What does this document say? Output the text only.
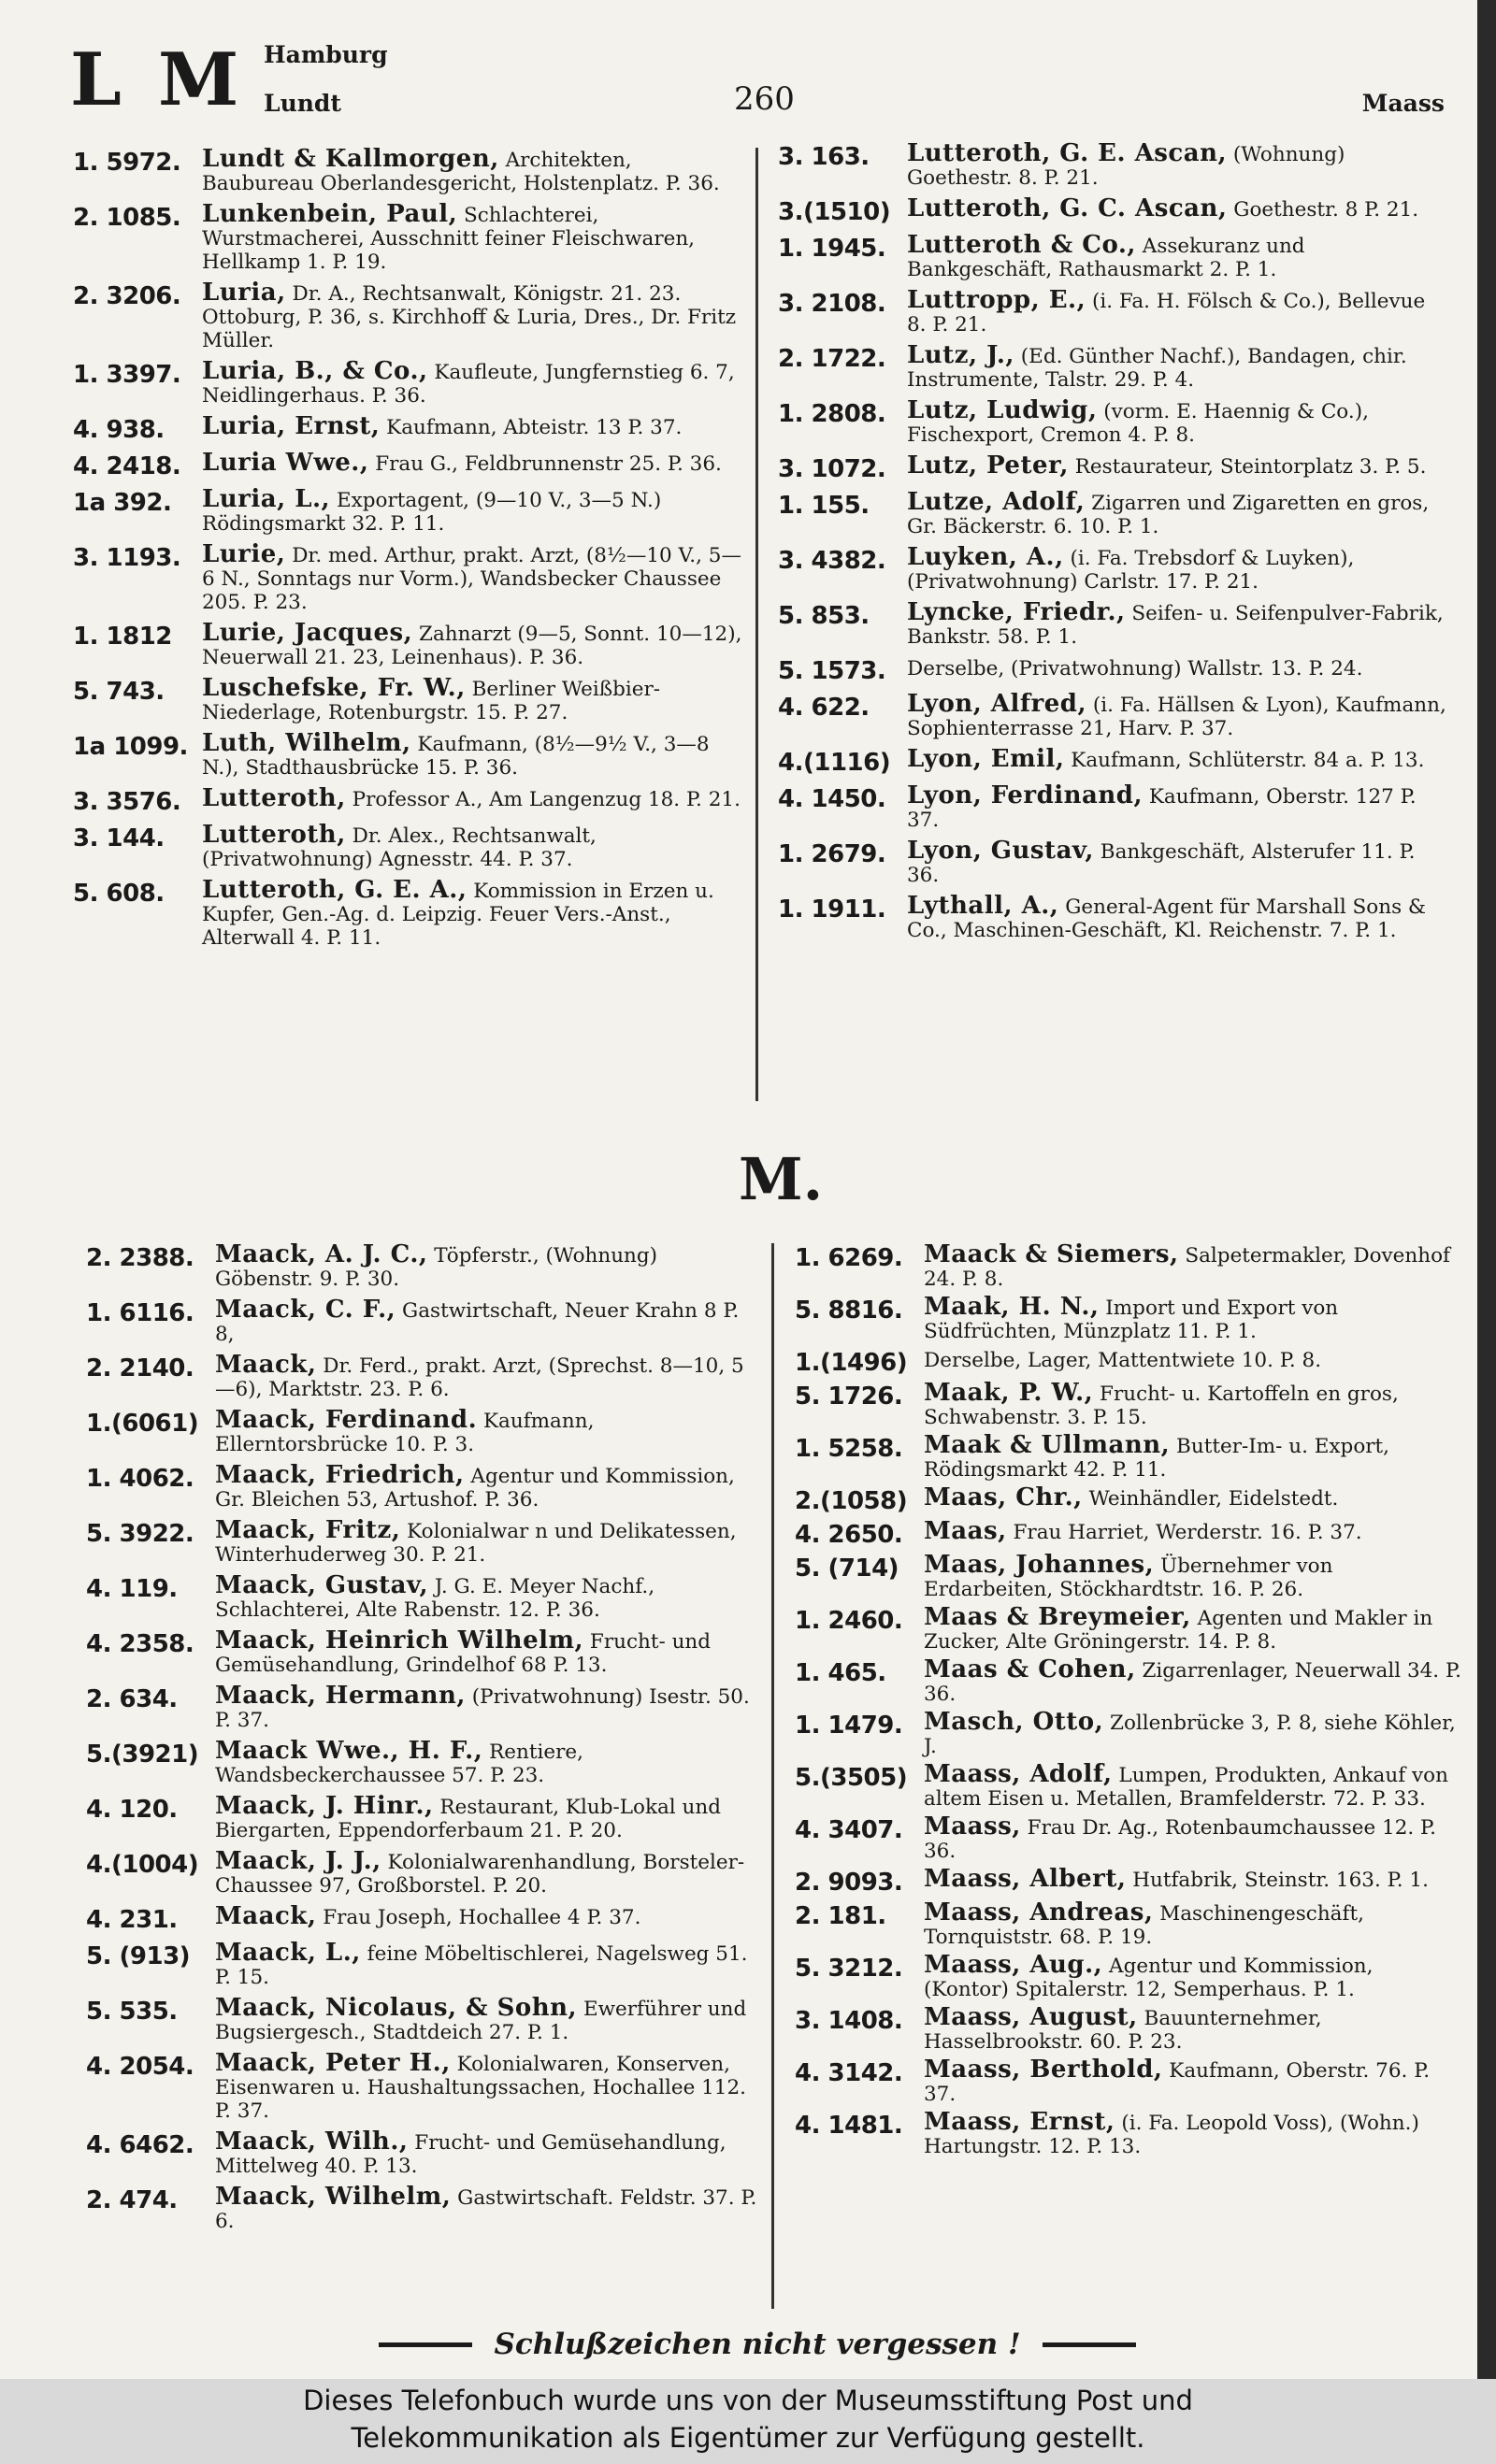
L M Hamburg
Lundt	260	Maass
1. 5972. Lundt & Kallmorgen, Architekten, Baubureau Oberlandesgericht, Holstenplatz. P. 36.
2. 1085. Lunkenbein, Paul, Schlachterei, Wurstmacherei, Ausschnitt feiner Fleischwaren, Hellkamp 1. P. 19.
2. 3206. Luria, Dr. A., Rechtsanwalt, Königstr. 21. 23. Ottoburg, P. 36, s. Kirchhoff & Luria, Dres., Dr. Fritz Müller.
1. 3397. Luria, B., & Co., Kaufleute, Jungfernstieg 6. 7, Neidlingerhaus. P. 36.
4. 938.	Luria, Ernst, Kaufmann, Abteistr. 13 P. 37.
4. 2418. Luria Wwe., Frau G., Feldbrunnenstr 25. P. 36.
1a 392.	Luria, L., Exportagent, (9—10 V., 3—5 N.) Rödingsmarkt 32. P. 11.
3. 1193. Lurie, Dr. med. Arthur, prakt. Arzt, (8½—10 V., 5—6 N., Sonntags nur Vorm.), Wandsbecker Chaussee 205. P. 23.
1. 1812	Lurie, Jacques, Zahnarzt (9—5, Sonnt. 10—12), Neuerwall 21. 23, Leinenhaus). P. 36.
5. 743.	Luschefske, Fr. W., Berliner Weißbier-Niederlage, Rotenburgstr. 15. P. 27.
1a 1099. Luth, Wilhelm, Kaufmann, (8½—9½ V., 3—8 N.), Stadthausbrücke 15. P. 36.
3. 3576. Lutteroth, Professor A., Am Langenzug 18. P. 21.
3. 144.	Lutteroth, Dr. Alex., Rechtsanwalt, (Privatwohnung) Agnesstr. 44. P. 37.
5. 608.	Lutteroth, G. E. A., Kommission in Erzen u. Kupfer, Gen.-Ag. d. Leipzig. Feuer Vers.-Anst., Alterwall 4. P. 11.
3. 163.	Lutteroth, G. E. Ascan, (Wohnung) Goethestr. 8. P. 21.
3.(1510) Lutteroth, G. C. Ascan, Goethestr. 8 P. 21.
1. 1945. Lutteroth & Co., Assekuranz und Bankgeschäft, Rathausmarkt 2. P. 1.
3. 2108. Luttropp, E., (i. Fa. H. Fölsch & Co.), Bellevue 8. P. 21.
2. 1722. Lutz, J., (Ed. Günther Nachf.), Bandagen, chir. Instrumente, Talstr. 29. P. 4.
1. 2808. Lutz, Ludwig, (vorm. E. Haennig & Co.), Fischexport, Cremon 4. P. 8.
3. 1072. Lutz, Peter, Restaurateur, Steintorplatz 3. P. 5.
1. 155.	Lutze, Adolf, Zigarren und Zigaretten en gros, Gr. Bäckerstr. 6. 10. P. 1.
3. 4382. Luyken, A., (i. Fa. Trebsdorf & Luyken), (Privatwohnung) Carlstr. 17. P. 21.
5. 853.	Lyncke, Friedr., Seifen- u. Seifenpulver-Fabrik, Bankstr. 58. P. 1.
5. 1573.	Derselbe, (Privatwohnung) Wallstr. 13. P. 24.
4. 622.	Lyon, Alfred, (i. Fa. Hällsen & Lyon), Kaufmann, Sophienterrasse 21, Harv. P. 37.
4.(1116) Lyon, Emil, Kaufmann, Schlüterstr. 84 a. P. 13.
4. 1450. Lyon, Ferdinand, Kaufmann, Oberstr. 127 P. 37.
1. 2679. Lyon, Gustav, Bankgeschäft, Alsterufer 11. P. 36.
1. 1911. Lythall, A., General-Agent für Marshall Sons & Co., Maschinen-Geschäft, Kl. Reichenstr. 7. P. 1.
M.
2. 2388. Maack, A. J. C., Töpferstr., (Wohnung) Göbenstr. 9. P. 30.
1. 6116. Maack, C. F., Gastwirtschaft, Neuer Krahn 8 P. 8,
2. 2140. Maack, Dr. Ferd., prakt. Arzt, (Sprechst. 8—10, 5—6), Marktstr. 23. P. 6.
1.(6061) Maack, Ferdinand. Kaufmann, Ellerntorsbrücke 10. P. 3.
1. 4062. Maack, Friedrich, Agentur und Kommission, Gr. Bleichen 53, Artushof. P. 36.
5. 3922. Maack, Fritz, Kolonialwar n und Delikatessen, Winterhuderweg 30. P. 21.
4. 119.	Maack, Gustav, J. G. E. Meyer Nachf., Schlachterei, Alte Rabenstr. 12. P. 36.
4. 2358. Maack, Heinrich Wilhelm, Frucht- und Gemüsehandlung, Grindelhof 68 P. 13.
2. 634.	Maack, Hermann, (Privatwohnung) Isestr. 50. P. 37.
5.(3921) Maack Wwe., H. F., Rentiere, Wandsbeckerchaussee 57. P. 23.
4. 120.	Maack, J. Hinr., Restaurant, Klub-Lokal und Biergarten, Eppendorferbaum 21. P. 20.
4.(1004) Maack, J. J., Kolonialwarenhandlung, Borsteler-Chaussee 97, Großborstel. P. 20.
4. 231.	Maack, Frau Joseph, Hochallee 4 P. 37.
5. (913)	Maack, L., feine Möbeltischlerei, Nagelsweg 51. P. 15.
5. 535.	Maack, Nicolaus, & Sohn, Ewerführer und Bugsiergesch., Stadtdeich 27. P. 1.
4. 2054. Maack, Peter H., Kolonialwaren, Konserven, Eisenwaren u. Haushaltungssachen, Hochallee 112. P. 37.
4. 6462. Maack, Wilh., Frucht- und Gemüsehandlung, Mittelweg 40. P. 13.
2. 474.	Maack, Wilhelm, Gastwirtschaft. Feldstr. 37. P. 6.
1. 6269. Maack & Siemers, Salpetermakler, Dovenhof 24. P. 8.
5. 8816. Maak, H. N., Import und Export von Südfrüchten, Münzplatz 11. P. 1.
1.(1496) Derselbe, Lager, Mattentwiete 10. P. 8.
5. 1726. Maak, P. W., Frucht- u. Kartoffeln en gros, Schwabenstr. 3. P. 15.
1. 5258. Maak & Ullmann, Butter-Im- u. Export, Rödingsmarkt 42. P. 11.
2.(1058) Maas, Chr., Weinhändler, Eidelstedt.
4. 2650. Maas, Frau Harriet, Werderstr. 16. P. 37.
5. (714)	Maas, Johannes, Übernehmer von Erdarbeiten, Stöckhardtstr. 16. P. 26.
1. 2460. Maas & Breymeier, Agenten und Makler in Zucker, Alte Gröningerstr. 14. P. 8.
1. 465.	Maas & Cohen, Zigarrenlager, Neuerwall 34. P. 36.
1. 1479. Masch, Otto, Zollenbrücke 3, P. 8, siehe Köhler, J.
5.(3505) Maass, Adolf, Lumpen, Produkten, Ankauf von altem Eisen u. Metallen, Bramfelderstr. 72. P. 33.
4. 3407. Maass, Frau Dr. Ag., Rotenbaumchaussee 12. P. 36.
2. 9093. Maass, Albert, Hutfabrik, Steinstr. 163. P. 1.
2. 181.	Maass, Andreas, Maschinengeschäft, Tornquiststr. 68. P. 19.
5. 3212. Maass, Aug., Agentur und Kommission, (Kontor) Spitalerstr. 12, Semperhaus. P. 1.
3. 1408. Maass, August, Bauunternehmer, Hasselbrookstr. 60. P. 23.
4. 3142. Maass, Berthold, Kaufmann, Oberstr. 76. P. 37.
4. 1481. Maass, Ernst, (i. Fa. Leopold Voss), (Wohn.) Hartungstr. 12. P. 13.
Schlußzeichen nicht vergessen !
Dieses Telefonbuch wurde uns von der Museumsstiftung Post und
Telekommunikation als Eigentümer zur Verfügung gestellt.
